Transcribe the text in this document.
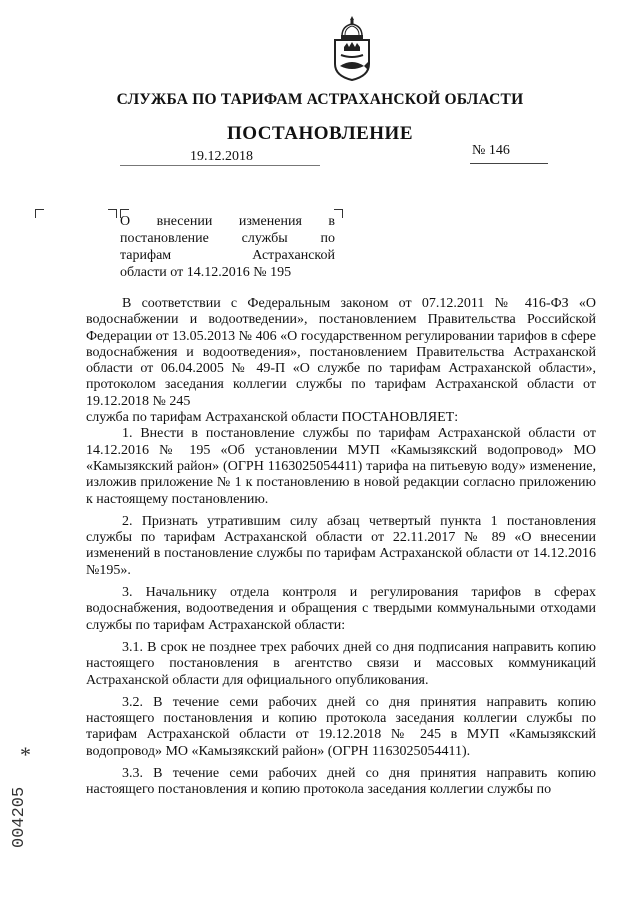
СЛУЖБА ПО ТАРИФАМ АСТРАХАНСКОЙ ОБЛАСТИ
ПОСТАНОВЛЕНИЕ
19.12.2018	№ 146
О внесении изменения в
постановление службы по
тарифам Астраханской
области от 14.12.2016 № 195

В соответствии с Федеральным законом от 07.12.2011 № 416-ФЗ «О водоснабжении и водоотведении», постановлением Правительства Российской Федерации от 13.05.2013 № 406 «О государственном регулировании тарифов в сфере водоснабжения и водоотведения», постановлением Правительства Астраханской области от 06.04.2005 № 49-П «О службе по тарифам Астраханской области», протоколом заседания коллегии службы по тарифам Астраханской области от 19.12.2018 № 245

служба по тарифам Астраханской области ПОСТАНОВЛЯЕТ:

1. Внести в постановление службы по тарифам Астраханской области от 14.12.2016 № 195 «Об установлении МУП «Камызякский водопровод» МО «Камызякский район» (ОГРН 1163025054411) тарифа на питьевую воду» изменение, изложив приложение № 1 к постановлению в новой редакции согласно приложению к настоящему постановлению.

2. Признать утратившим силу абзац четвертый пункта 1 постановления службы по тарифам Астраханской области от 22.11.2017 № 89 «О внесении изменений в постановление службы по тарифам Астраханской области от 14.12.2016 №195».

3. Начальнику отдела контроля и регулирования тарифов в сферах водоснабжения, водоотведения и обращения с твердыми коммунальными отходами службы по тарифам Астраханской области:

3.1. В срок не позднее трех рабочих дней со дня подписания направить копию настоящего постановления в агентство связи и массовых коммуникаций Астраханской области для официального опубликования.

3.2. В течение семи рабочих дней со дня принятия направить копию настоящего постановления и копию протокола заседания коллегии службы по тарифам Астраханской области от 19.12.2018 № 245 в МУП «Камызякский водопровод» МО «Камызякский район» (ОГРН 1163025054411).

3.3. В течение семи рабочих дней со дня принятия направить копию настоящего постановления и копию протокола заседания коллегии службы по

*
004205
